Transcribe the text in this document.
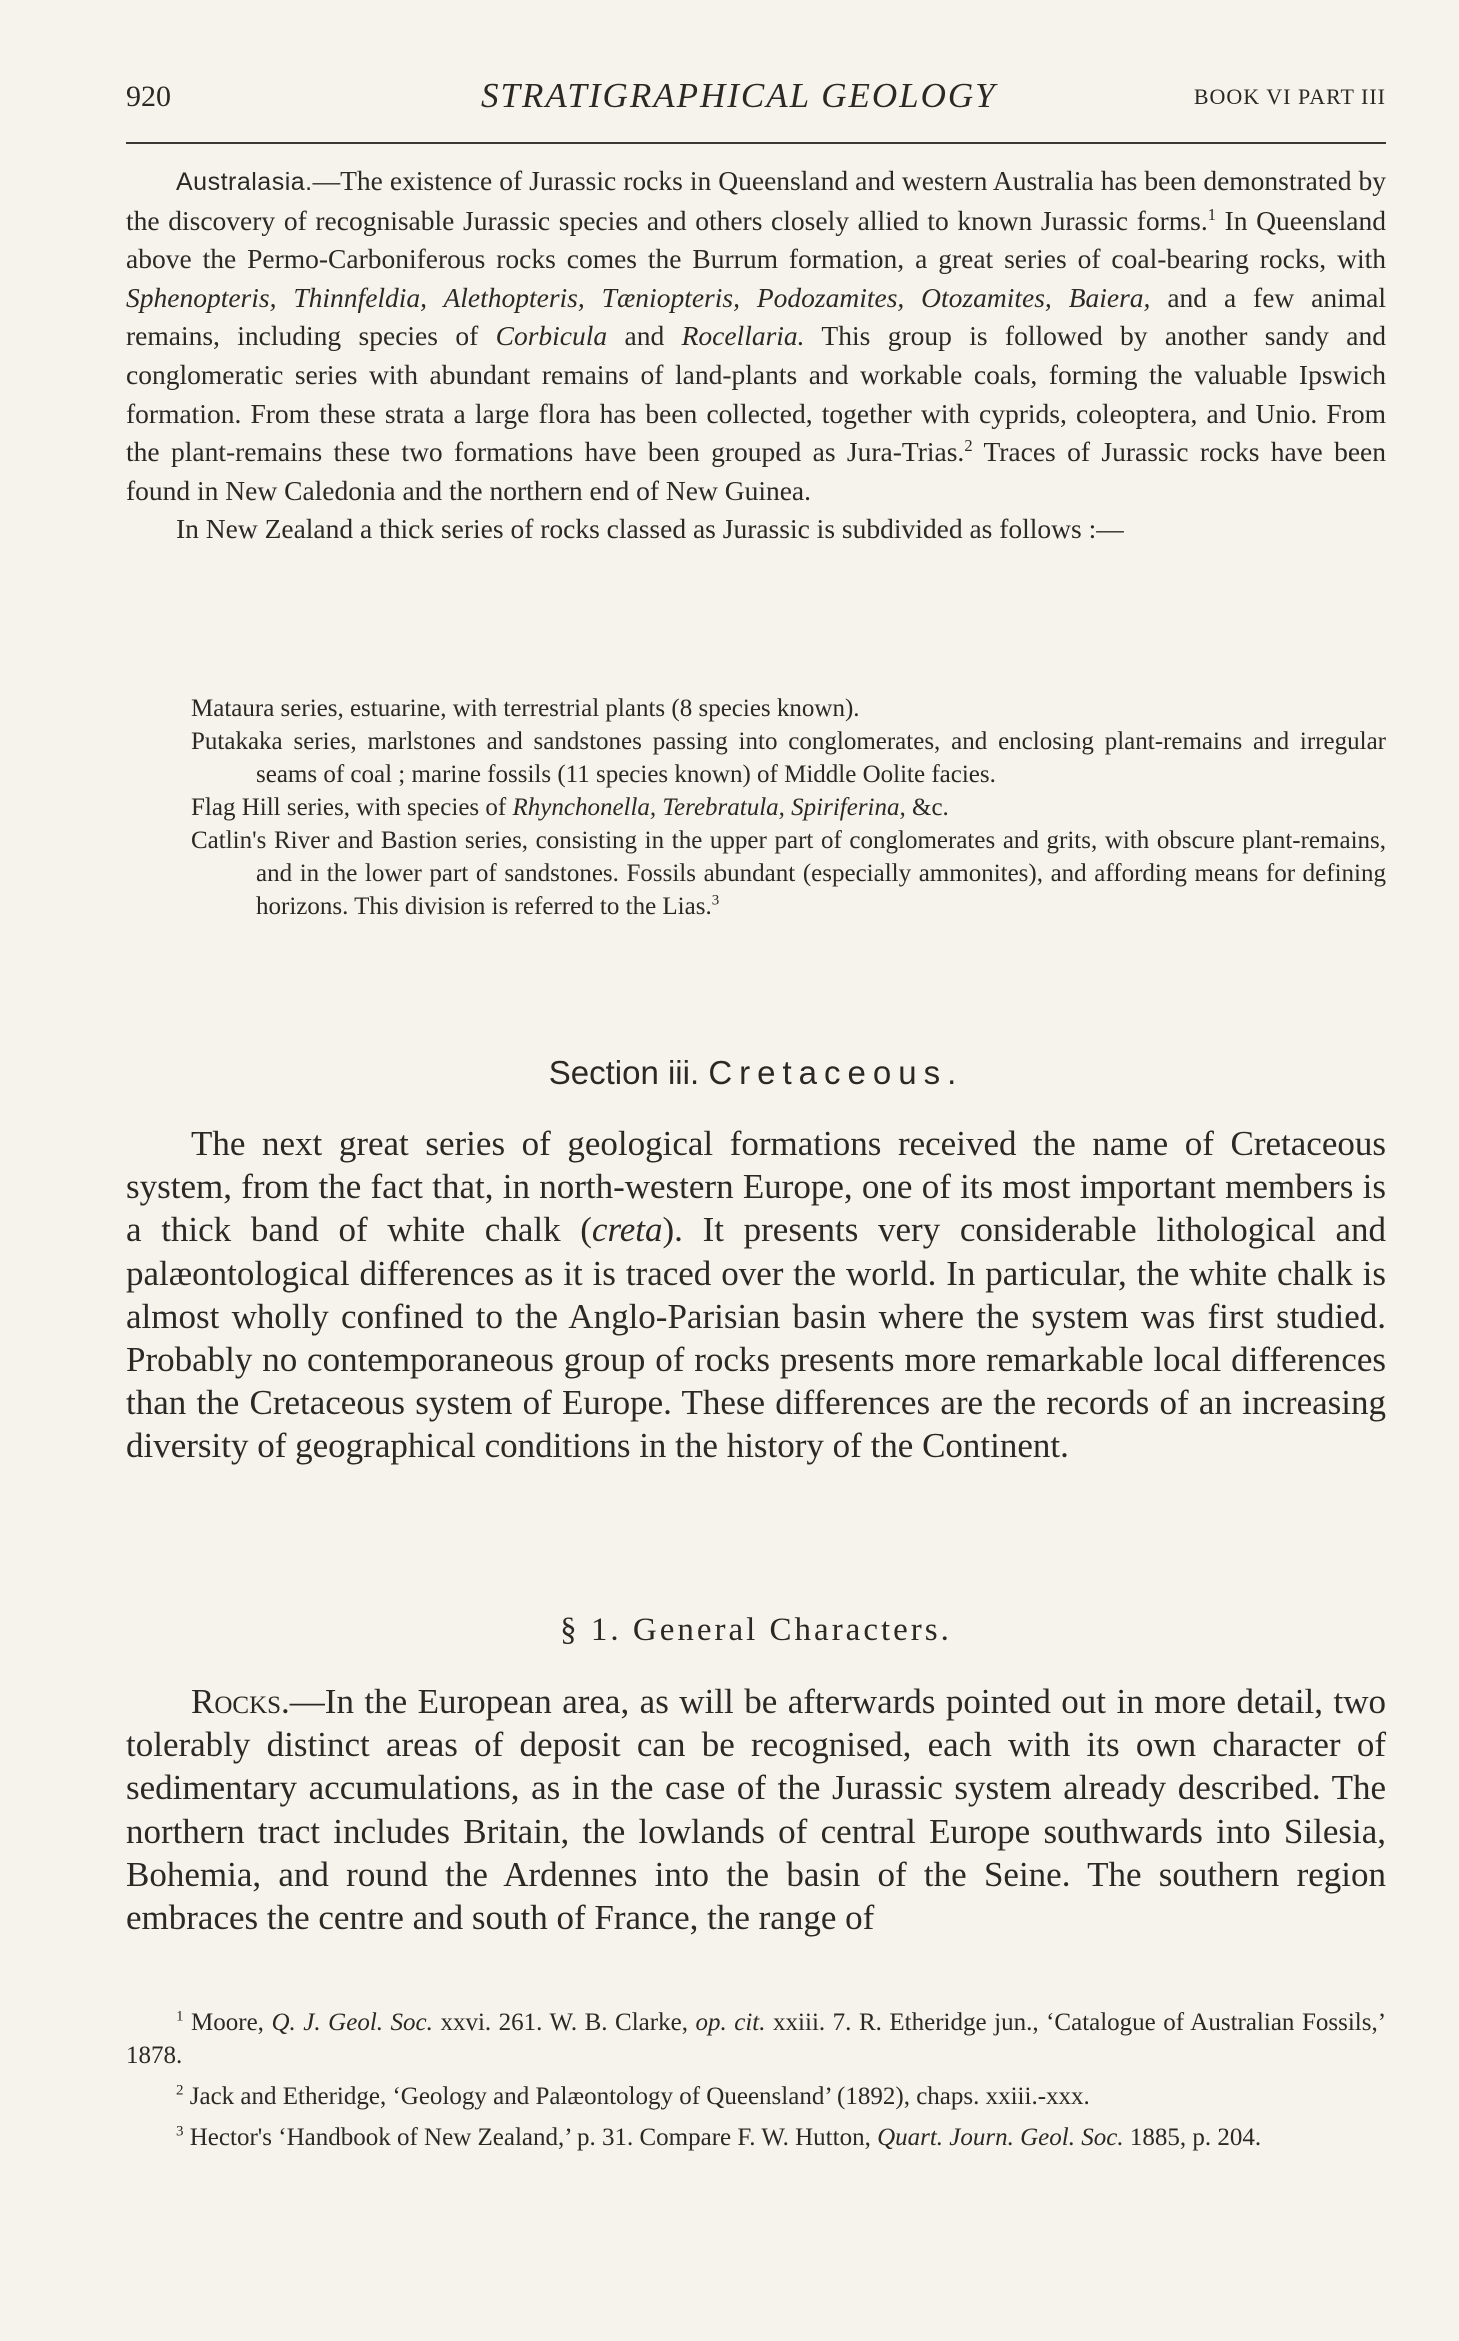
920	STRATIGRAPHICAL GEOLOGY	BOOK VI PART III

Australasia.—The existence of Jurassic rocks in Queensland and western Australia has been demonstrated by the discovery of recognisable Jurassic species and others closely allied to known Jurassic forms.$^1$ In Queensland above the Permo-Carboniferous rocks comes the Burrum formation, a great series of coal-bearing rocks, with Sphenopteris, Thinnfeldia, Alethopteris, Tæniopteris, Podozamites, Otozamites, Baiera, and a few animal remains, including species of Corbicula and Rocellaria. This group is followed by another sandy and conglomeratic series with abundant remains of land-plants and workable coals, forming the valuable Ipswich formation. From these strata a large flora has been collected, together with cyprids, coleoptera, and Unio. From the plant-remains these two formations have been grouped as Jura-Trias.$^2$ Traces of Jurassic rocks have been found in New Caledonia and the northern end of New Guinea.

In New Zealand a thick series of rocks classed as Jurassic is subdivided as follows :—

Mataura series, estuarine, with terrestrial plants (8 species known).
Putakaka series, marlstones and sandstones passing into conglomerates, and enclosing plant-remains and irregular seams of coal ; marine fossils (11 species known) of Middle Oolite facies.
Flag Hill series, with species of Rhynchonella, Terebratula, Spiriferina, &c.
Catlin's River and Bastion series, consisting in the upper part of conglomerates and grits, with obscure plant-remains, and in the lower part of sandstones. Fossils abundant (especially ammonites), and affording means for defining horizons. This division is referred to the Lias.$^3$
Section iii. Cretaceous.

The next great series of geological formations received the name of Cretaceous system, from the fact that, in north-western Europe, one of its most important members is a thick band of white chalk (creta). It presents very considerable lithological and palæontological differences as it is traced over the world. In particular, the white chalk is almost wholly confined to the Anglo-Parisian basin where the system was first studied. Probably no contemporaneous group of rocks presents more remarkable local differences than the Cretaceous system of Europe. These differences are the records of an increasing diversity of geographical conditions in the history of the Continent.

§ 1. General Characters.

Rocks.—In the European area, as will be afterwards pointed out in more detail, two tolerably distinct areas of deposit can be recognised, each with its own character of sedimentary accumulations, as in the case of the Jurassic system already described. The northern tract includes Britain, the lowlands of central Europe southwards into Silesia, Bohemia, and round the Ardennes into the basin of the Seine. The southern region embraces the centre and south of France, the range of

$^1$ Moore, Q. J. Geol. Soc. xxvi. 261. W. B. Clarke, op. cit. xxiii. 7. R. Etheridge jun., ‘Catalogue of Australian Fossils,’ 1878.

$^2$ Jack and Etheridge, ‘Geology and Palæontology of Queensland’ (1892), chaps. xxiii.-xxx.

$^3$ Hector's ‘Handbook of New Zealand,’ p. 31. Compare F. W. Hutton, Quart. Journ. Geol. Soc. 1885, p. 204.
